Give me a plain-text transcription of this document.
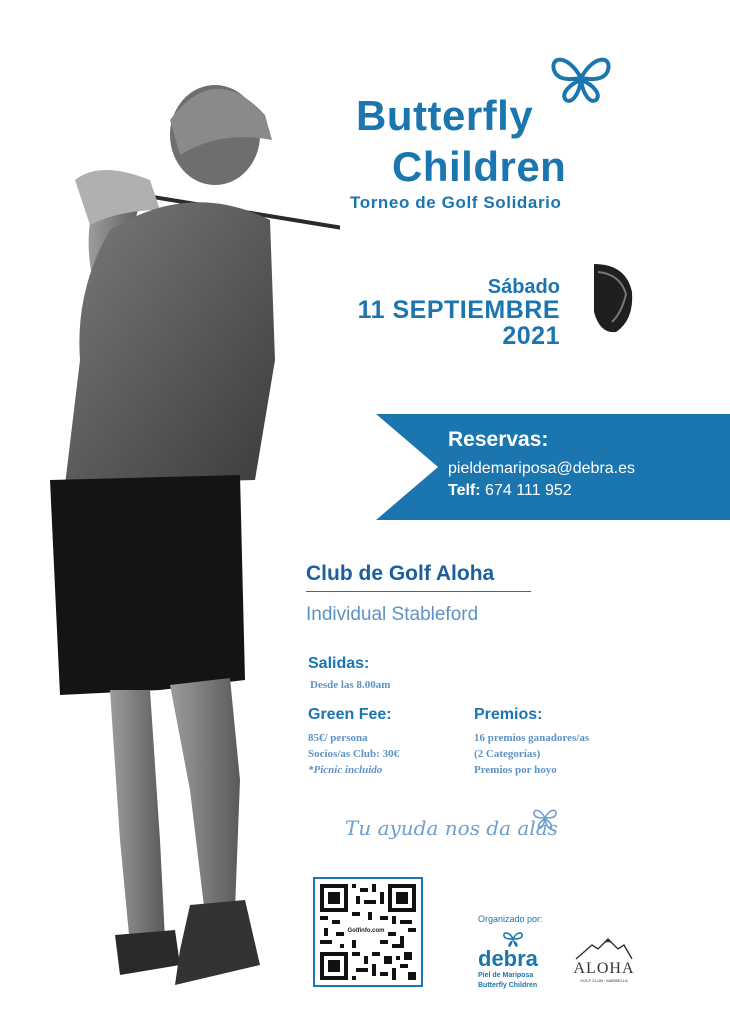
Butterfly
Children
Torneo de Golf Solidario
Sábado
11 SEPTIEMBRE
2021
Reservas:
pieldemariposa@debra.es
Telf: 674 111 952
Club de Golf Aloha
Individual Stableford
Salidas:
Desde las 8.00am
Green Fee:
85€/ persona
Socios/as Club: 30€
*Picnic incluido
Premios:
16 premios ganadores/as
(2 Categorías)
Premios por hoyo
Tu ayuda nos da alas
Golfinfo.com
Organizado por:
debra
Piel de Mariposa
Butterfly Children
ALOHA
GOLF CLUB · MARBELLA
